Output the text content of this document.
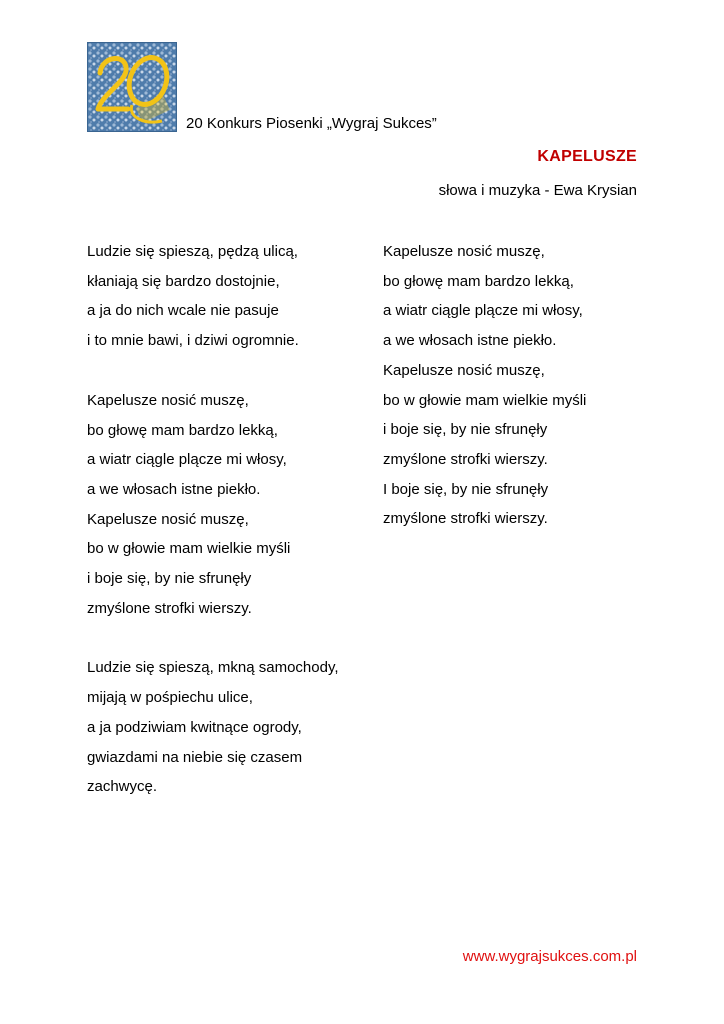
20 Konkurs Piosenki „Wygraj Sukces”
KAPELUSZE
słowa i muzyka - Ewa Krysian
Ludzie się spieszą, pędzą ulicą,
kłaniają się bardzo dostojnie,
a ja do nich wcale nie pasuje
i to mnie bawi, i dziwi ogromnie.
Kapelusze nosić muszę,
bo głowę mam bardzo lekką,
a wiatr ciągle plącze mi włosy,
a we włosach istne piekło.
Kapelusze nosić muszę,
bo w głowie mam wielkie myśli
i boje się, by nie sfrunęły
zmyślone strofki wierszy.
Ludzie się spieszą, mkną samochody,
mijają w pośpiechu ulice,
a ja podziwiam kwitnące ogrody,
gwiazdami na niebie się czasem
zachwycę.
Kapelusze nosić muszę,
bo głowę mam bardzo lekką,
a wiatr ciągle plącze mi włosy,
a we włosach istne piekło.
Kapelusze nosić muszę,
bo w głowie mam wielkie myśli
i boje się, by nie sfrunęły
zmyślone strofki wierszy.
I boje się, by nie sfrunęły
zmyślone strofki wierszy.
www.wygrajsukces.com.pl
